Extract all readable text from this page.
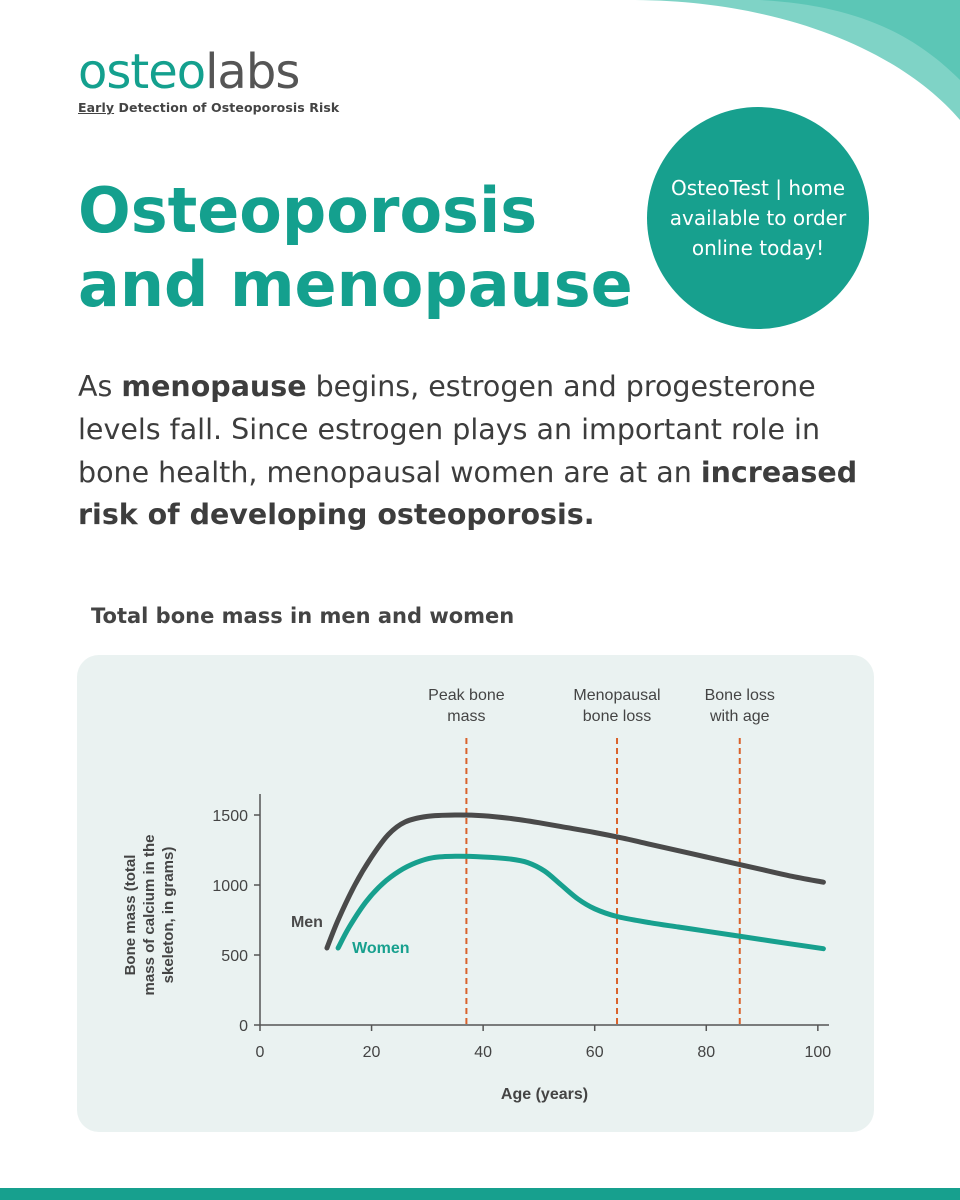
osteolabs
Early Detection of Osteoporosis Risk
Osteoporosis
and menopause
OsteoTest | home available to order online today!

As menopause begins, estrogen and progesterone levels fall. Since estrogen plays an important role in bone health, menopausal women are at an increased risk of developing osteoporosis.

Total bone mass in men and women
0
500
1000
1500
0	20	40	60	80	100
Age (years)
Bone mass (total mass of calcium in the skeleton, in grams)
Peak bone
mass
Menopausal
bone loss
Bone loss
with age
Men
Women
